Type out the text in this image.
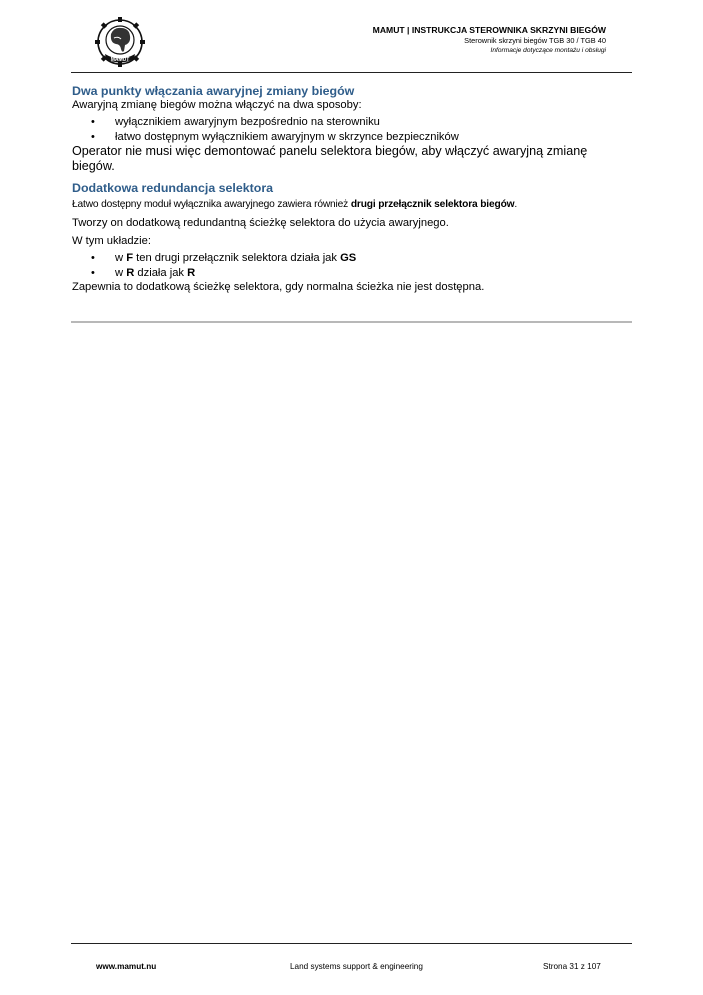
MAMUT
MAMUT | INSTRUKCJA STEROWNIKA SKRZYNI BIEGÓW
Sterownik skrzyni biegów TGB 30 / TGB 40
Informacje dotyczące montażu i obsługi
Dwa punkty włączania awaryjnej zmiany biegów

Awaryjną zmianę biegów można włączyć na dwa sposoby:

• wyłącznikiem awaryjnym bezpośrednio na sterowniku
• łatwo dostępnym wyłącznikiem awaryjnym w skrzynce bezpieczników

Operator nie musi więc demontować panelu selektora biegów, aby włączyć awaryjną zmianę biegów.

Dodatkowa redundancja selektora

Łatwo dostępny moduł wyłącznika awaryjnego zawiera również drugi przełącznik selektora biegów.

Tworzy on dodatkową redundantną ścieżkę selektora do użycia awaryjnego.

W tym układzie:

• w F ten drugi przełącznik selektora działa jak GS
• w R działa jak R

Zapewnia to dodatkową ścieżkę selektora, gdy normalna ścieżka nie jest dostępna.

www.mamut.nu	Land systems support & engineering	Strona 31 z 107
